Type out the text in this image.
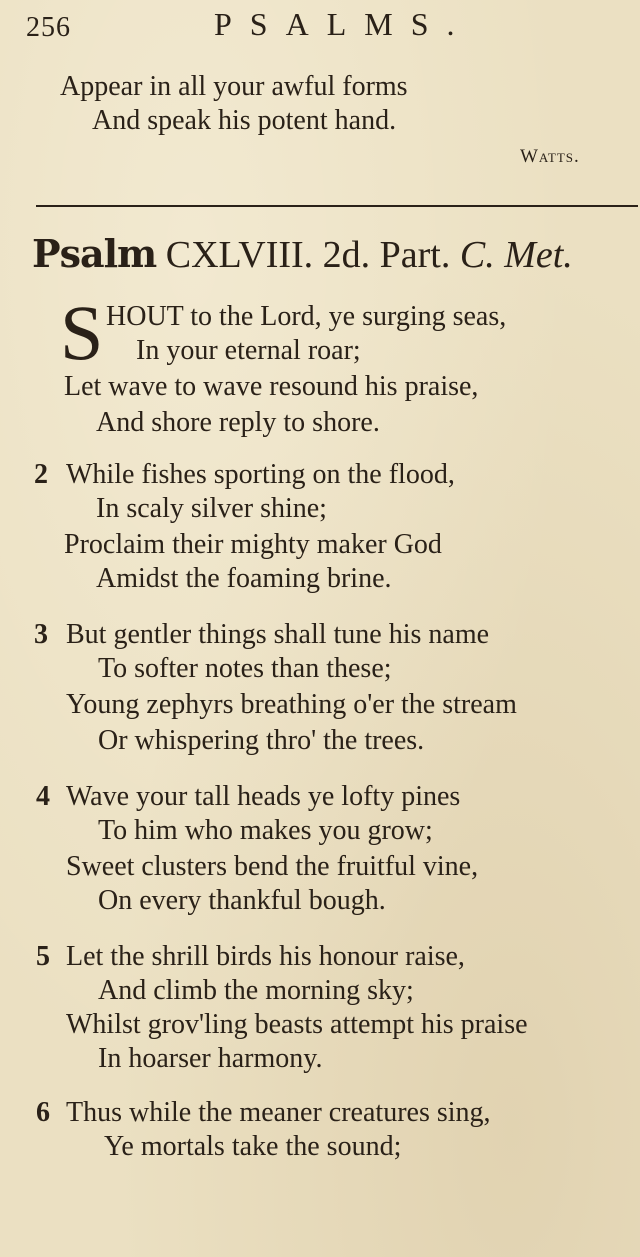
256	PSALMS.
Appear in all your awful forms
And speak his potent hand.
Watts.
Psalm CXLVIII. 2d. Part. C. Met.
S HOUT to the Lord, ye surging seas,
In your eternal roar;
Let wave to wave resound his praise,
And shore reply to shore.
2 While fishes sporting on the flood,
In scaly silver shine;
Proclaim their mighty maker God
Amidst the foaming brine.
3 But gentler things shall tune his name
To softer notes than these;
Young zephyrs breathing o'er the stream
Or whispering thro' the trees.
4 Wave your tall heads ye lofty pines
To him who makes you grow;
Sweet clusters bend the fruitful vine,
On every thankful bough.
5 Let the shrill birds his honour raise,
And climb the morning sky;
Whilst grov'ling beasts attempt his praise
In hoarser harmony.
6 Thus while the meaner creatures sing,
Ye mortals take the sound;
